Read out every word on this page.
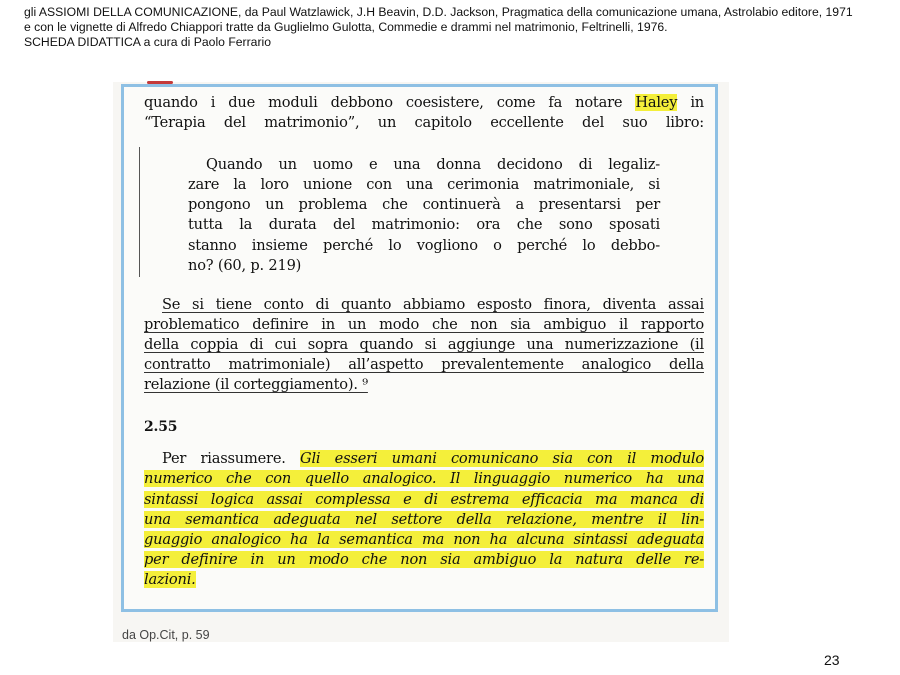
gli ASSIOMI DELLA COMUNICAZIONE, da Paul Watzlawick, J.H Beavin, D.D. Jackson, Pragmatica della comunicazione umana, Astrolabio editore, 1971
e con le vignette di Alfredo Chiappori tratte da Guglielmo Gulotta, Commedie e drammi nel matrimonio, Feltrinelli, 1976.
SCHEDA DIDATTICA a cura di Paolo Ferrario
quando i due moduli debbono coesistere, come fa notare Haley in
“Terapia del matrimonio”, un capitolo eccellente del suo libro:
Quando un uomo e una donna decidono di legaliz-
zare la loro unione con una cerimonia matrimoniale, si
pongono un problema che continuerà a presentarsi per
tutta la durata del matrimonio: ora che sono sposati
stanno insieme perché lo vogliono o perché lo debbo-
no? (60, p. 219)
Se si tiene conto di quanto abbiamo esposto finora, diventa assai
problematico definire in un modo che non sia ambiguo il rapporto
della coppia di cui sopra quando si aggiunge una numerizzazione (il
contratto matrimoniale) all’aspetto prevalentemente analogico della
relazione (il corteggiamento). ⁹
2.55
Per riassumere. Gli esseri umani comunicano sia con il modulo
numerico che con quello analogico. Il linguaggio numerico ha una
sintassi logica assai complessa e di estrema efficacia ma manca di
una semantica adeguata nel settore della relazione, mentre il lin-
guaggio analogico ha la semantica ma non ha alcuna sintassi adeguata
per definire in un modo che non sia ambiguo la natura delle re-
lazioni.
da Op.Cit, p. 59
23
